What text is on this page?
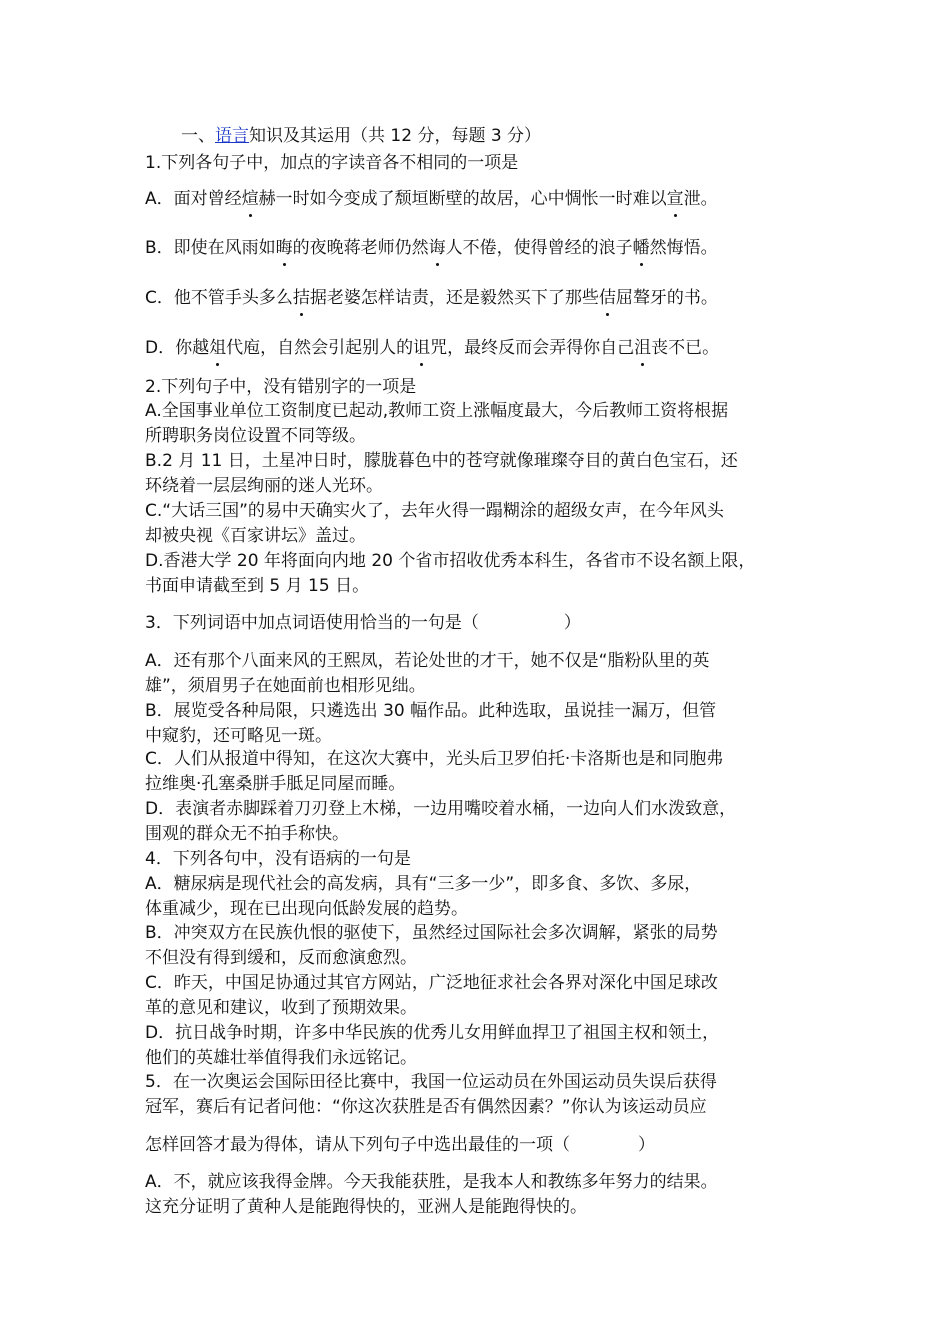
一、语言知识及其运用（共 12 分，每题 3 分）
1.下列各句子中，加点的字读音各不相同的一项是
A．面对曾经煊赫一时如今变成了颓垣断壁的故居，心中惆怅一时难以宣泄。
B．即使在风雨如晦的夜晚蒋老师仍然诲人不倦，使得曾经的浪子幡然悔悟。
C．他不管手头多么拮据老婆怎样诘责，还是毅然买下了那些佶屈聱牙的书。
D．你越俎代庖，自然会引起别人的诅咒，最终反而会弄得你自己沮丧不已。
2.下列句子中，没有错别字的一项是
A.全国事业单位工资制度已起动,教师工资上涨幅度最大，今后教师工资将根据
所聘职务岗位设置不同等级。
B.2 月 11 日，土星冲日时，朦胧暮色中的苍穹就像璀璨夺目的黄白色宝石，还
环绕着一层层绚丽的迷人光环。
C.“大话三国”的易中天确实火了，去年火得一蹋糊涂的超级女声，在今年风头
却被央视《百家讲坛》盖过。
D.香港大学 20 年将面向内地 20 个省市招收优秀本科生，各省市不设名额上限，
书面申请截至到 5 月 15 日。
3．下列词语中加点词语使用恰当的一句是（　　　　　）
A．还有那个八面来风的王熙凤，若论处世的才干，她不仅是“脂粉队里的英
雄”，须眉男子在她面前也相形见绌。
B．展览受各种局限，只遴选出 30 幅作品。此种选取，虽说挂一漏万，但管
中窥豹，还可略见一斑。
C．人们从报道中得知，在这次大赛中，光头后卫罗伯托·卡洛斯也是和同胞弗
拉维奥·孔塞桑胼手胝足同屋而睡。
D．表演者赤脚踩着刀刃登上木梯，一边用嘴咬着水桶，一边向人们水泼致意，
围观的群众无不拍手称快。
4．下列各句中，没有语病的一句是
A．糖尿病是现代社会的高发病，具有“三多一少”，即多食、多饮、多尿，
体重减少，现在已出现向低龄发展的趋势。
B．冲突双方在民族仇恨的驱使下，虽然经过国际社会多次调解，紧张的局势
不但没有得到缓和，反而愈演愈烈。
C．昨天，中国足协通过其官方网站，广泛地征求社会各界对深化中国足球改
革的意见和建议，收到了预期效果。
D．抗日战争时期，许多中华民族的优秀儿女用鲜血捍卫了祖国主权和领土，
他们的英雄壮举值得我们永远铭记。
5．在一次奥运会国际田径比赛中，我国一位运动员在外国运动员失误后获得
冠军，赛后有记者问他：“你这次获胜是否有偶然因素？”你认为该运动员应
怎样回答才最为得体，请从下列句子中选出最佳的一项（　　　　）
A．不，就应该我得金牌。今天我能获胜，是我本人和教练多年努力的结果。
这充分证明了黄种人是能跑得快的，亚洲人是能跑得快的。
